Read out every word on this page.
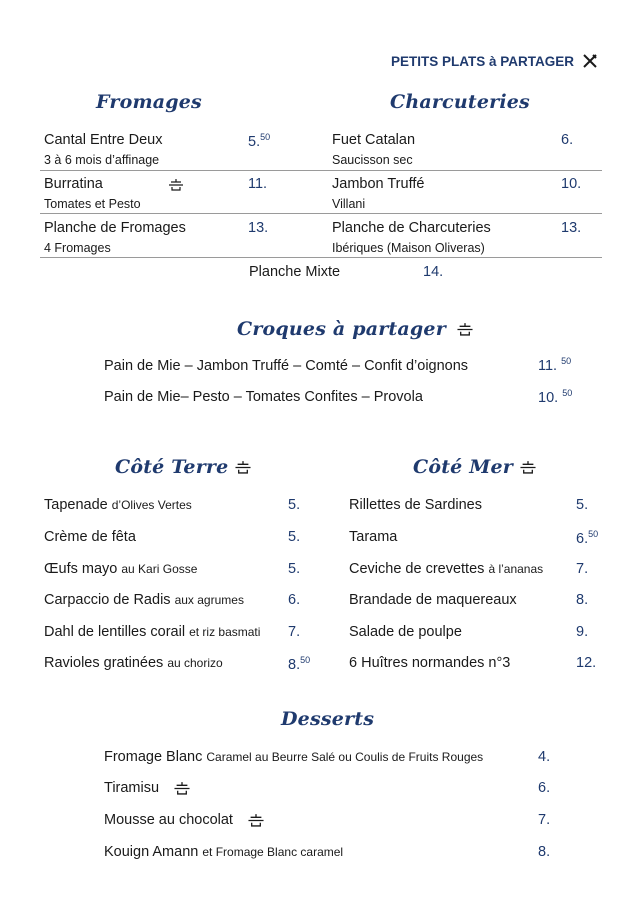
PETITS PLATS à PARTAGER
Fromages	Charcuteries
Cantal Entre Deux
3 à 6 mois d’affinage
5.50
Burratina
Tomates et Pesto
11.
Planche de Fromages
4 Fromages
13.
Fuet Catalan
Saucisson sec
6.
Jambon Truffé
Villani
10.
Planche de Charcuteries
Ibériques (Maison Oliveras)
13.
Planche Mixte	14.
Croques à partager
Pain de Mie – Jambon Truffé – Comté – Confit d’oignons	11. $^{50}$
Pain de Mie– Pesto – Tomates Confites – Provola	10. $^{50}$
Côté Terre	Côté Mer
Tapenade d’Olives Vertes	5.
Crème de fêta	5.
Œufs mayo au Kari Gosse	5.
Carpaccio de Radis aux agrumes	6.
Dahl de lentilles corail et riz basmati 7.
Ravioles gratinées au chorizo	8.50
Rillettes de Sardines	5.
Tarama	6.50
Ceviche de crevettes à l’ananas 7.
Brandade de maquereaux	8.
Salade de poulpe	9.
6 Huîtres normandes n°3	12.
Desserts
Fromage Blanc Caramel au Beurre Salé ou Coulis de Fruits Rouges	4.
Tiramisu	6.
Mousse au chocolat	7.
Kouign Amann et Fromage Blanc caramel	8.
